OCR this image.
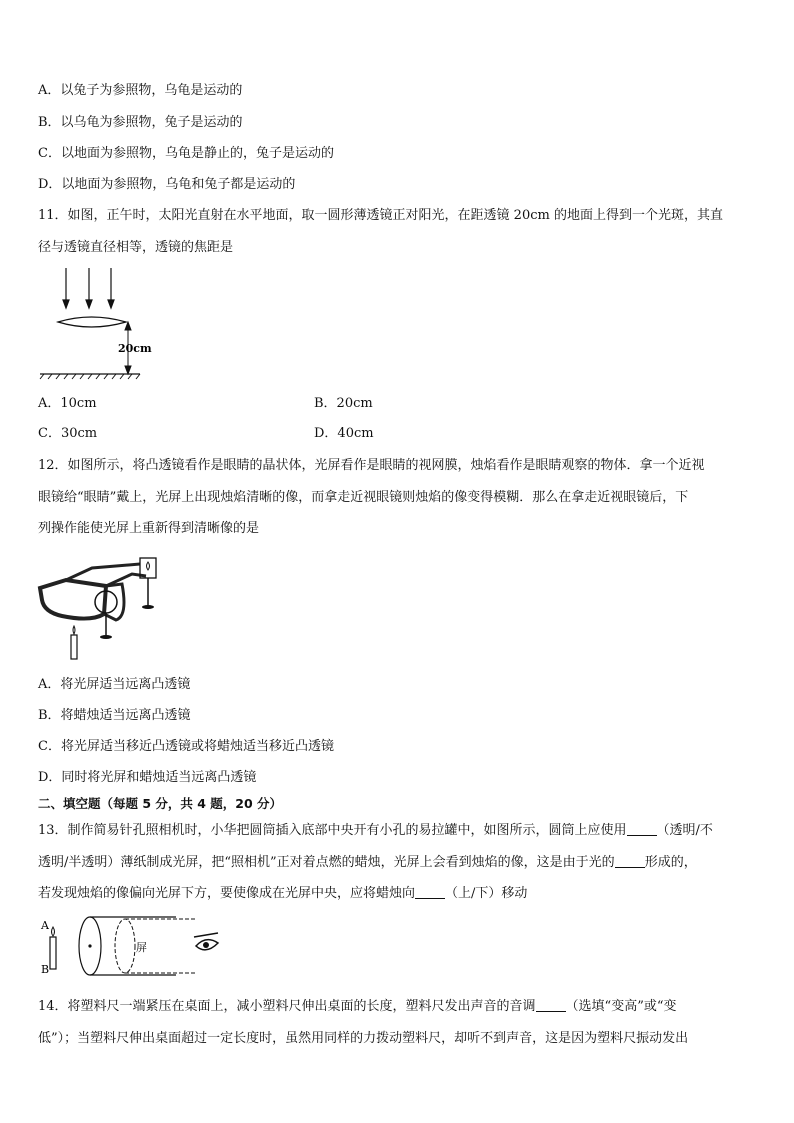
A．以兔子为参照物，乌龟是运动的
B．以乌龟为参照物，兔子是运动的
C．以地面为参照物，乌龟是静止的，兔子是运动的
D．以地面为参照物，乌龟和兔子都是运动的
11．如图，正午时，太阳光直射在水平地面，取一圆形薄透镜正对阳光，在距透镜 20cm 的地面上得到一个光斑，其直
径与透镜直径相等，透镜的焦距是
20cm
A．10cm	B．20cm
C．30cm	D．40cm
12．如图所示，将凸透镜看作是眼睛的晶状体，光屏看作是眼睛的视网膜，烛焰看作是眼睛观察的物体．拿一个近视
眼镜给“眼睛”戴上，光屏上出现烛焰清晰的像，而拿走近视眼镜则烛焰的像变得模糊．那么在拿走近视眼镜后，下
列操作能使光屏上重新得到清晰像的是
A．将光屏适当远离凸透镜
B．将蜡烛适当远离凸透镜
C．将光屏适当移近凸透镜或将蜡烛适当移近凸透镜
D．同时将光屏和蜡烛适当远离凸透镜
二、填空题（每题 5 分，共 4 题，20 分）
13．制作简易针孔照相机时，小华把圆筒插入底部中央开有小孔的易拉罐中，如图所示，圆筒上应使用 （透明/不
透明/半透明）薄纸制成光屏，把“照相机”正对着点燃的蜡烛，光屏上会看到烛焰的像，这是由于光的 形成的，
若发现烛焰的像偏向光屏下方，要使像成在光屏中央，应将蜡烛向 （上/下）移动
A
B
屏
14．将塑料尺一端紧压在桌面上，减小塑料尺伸出桌面的长度，塑料尺发出声音的音调 （选填“变高”或“变
低”）；当塑料尺伸出桌面超过一定长度时，虽然用同样的力拨动塑料尺，却听不到声音，这是因为塑料尺振动发出
